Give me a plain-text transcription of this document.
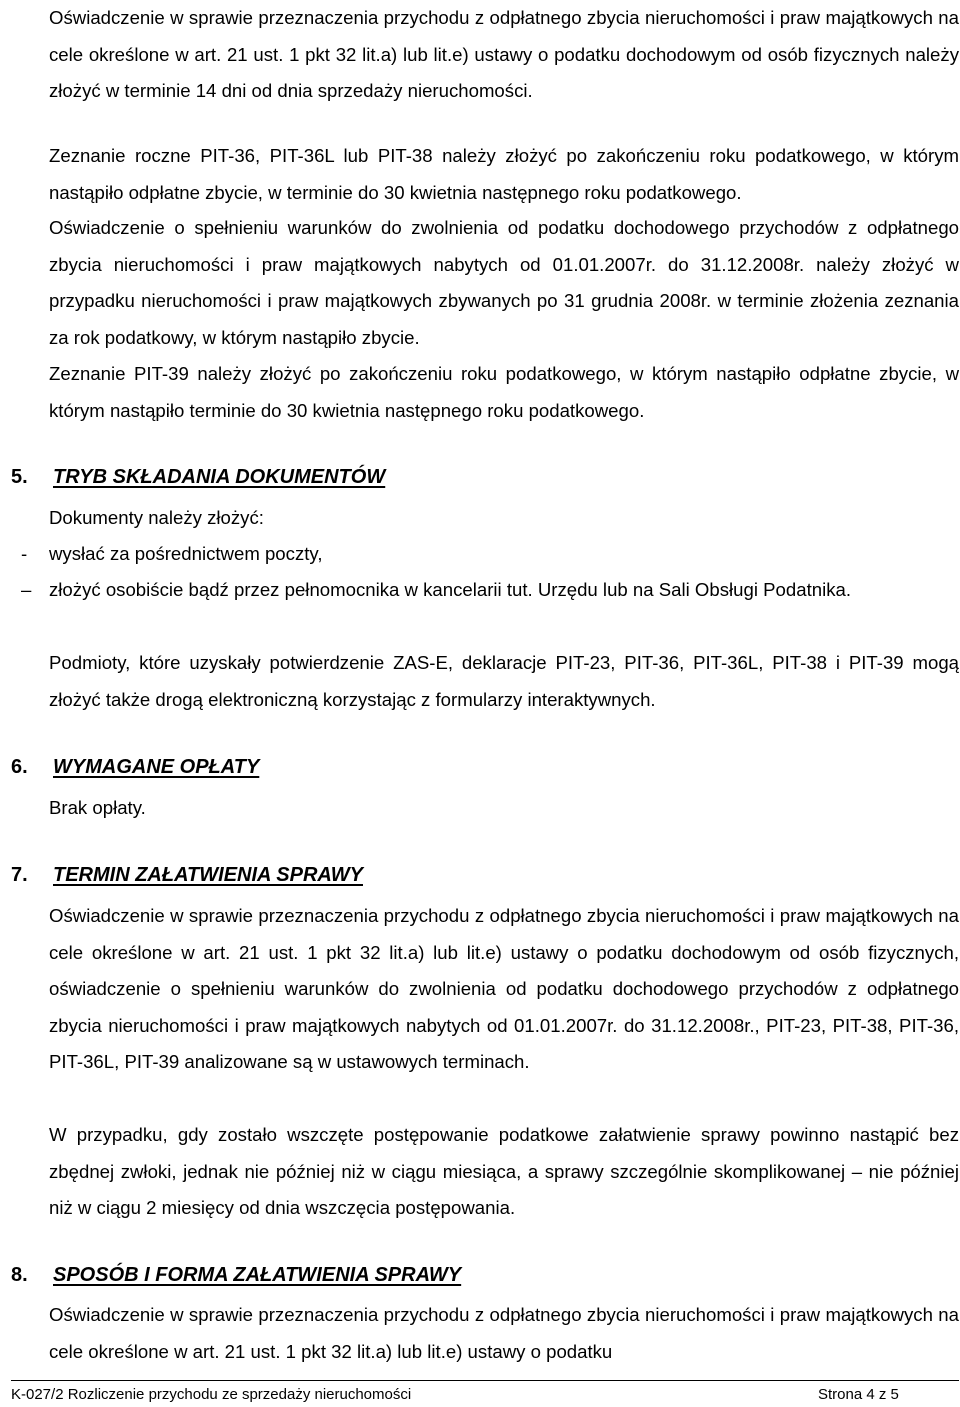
Oświadczenie w sprawie przeznaczenia przychodu z odpłatnego zbycia nieruchomości i praw majątkowych na cele określone w art. 21 ust. 1 pkt 32 lit.a) lub lit.e) ustawy o podatku dochodowym od osób fizycznych należy złożyć w terminie 14 dni od dnia sprzedaży nieruchomości.

Zeznanie roczne PIT-36, PIT-36L lub PIT-38 należy złożyć po zakończeniu roku podatkowego, w którym nastąpiło odpłatne zbycie, w terminie do 30 kwietnia następnego roku podatkowego.

Oświadczenie o spełnieniu warunków do zwolnienia od podatku dochodowego przychodów z odpłatnego zbycia nieruchomości i praw majątkowych nabytych od 01.01.2007r. do 31.12.2008r. należy złożyć w przypadku nieruchomości i praw majątkowych zbywanych po 31 grudnia 2008r. w terminie złożenia zeznania za rok podatkowy, w którym nastąpiło zbycie.

Zeznanie PIT-39 należy złożyć po zakończeniu roku podatkowego, w którym nastąpiło odpłatne zbycie, w którym nastąpiło terminie do 30 kwietnia następnego roku podatkowego.

5. TRYB SKŁADANIA DOKUMENTÓW

Dokumenty należy złożyć:

- wysłać za pośrednictwem poczty,
– złożyć osobiście bądź przez pełnomocnika w kancelarii tut. Urzędu lub na Sali Obsługi Podatnika.

Podmioty, które uzyskały potwierdzenie ZAS-E, deklaracje PIT-23, PIT-36, PIT-36L, PIT-38 i PIT-39 mogą złożyć także drogą elektroniczną korzystając z formularzy interaktywnych.

6. WYMAGANE OPŁATY

Brak opłaty.

7. TERMIN ZAŁATWIENIA SPRAWY

Oświadczenie w sprawie przeznaczenia przychodu z odpłatnego zbycia nieruchomości i praw majątkowych na cele określone w art. 21 ust. 1 pkt 32 lit.a) lub lit.e) ustawy o podatku dochodowym od osób fizycznych, oświadczenie o spełnieniu warunków do zwolnienia od podatku dochodowego przychodów z odpłatnego zbycia nieruchomości i praw majątkowych nabytych od 01.01.2007r. do 31.12.2008r., PIT-23, PIT-38, PIT-36, PIT-36L, PIT-39 analizowane są w ustawowych terminach.

W przypadku, gdy zostało wszczęte postępowanie podatkowe załatwienie sprawy powinno nastąpić bez zbędnej zwłoki, jednak nie później niż w ciągu miesiąca, a sprawy szczególnie skomplikowanej – nie później niż w ciągu 2 miesięcy od dnia wszczęcia postępowania.

8. SPOSÓB I FORMA ZAŁATWIENIA SPRAWY

Oświadczenie w sprawie przeznaczenia przychodu z odpłatnego zbycia nieruchomości i praw majątkowych na cele określone w art. 21 ust. 1 pkt 32 lit.a) lub lit.e) ustawy o podatku

K-027/2 Rozliczenie przychodu ze sprzedaży nieruchomości	Strona 4 z 5
